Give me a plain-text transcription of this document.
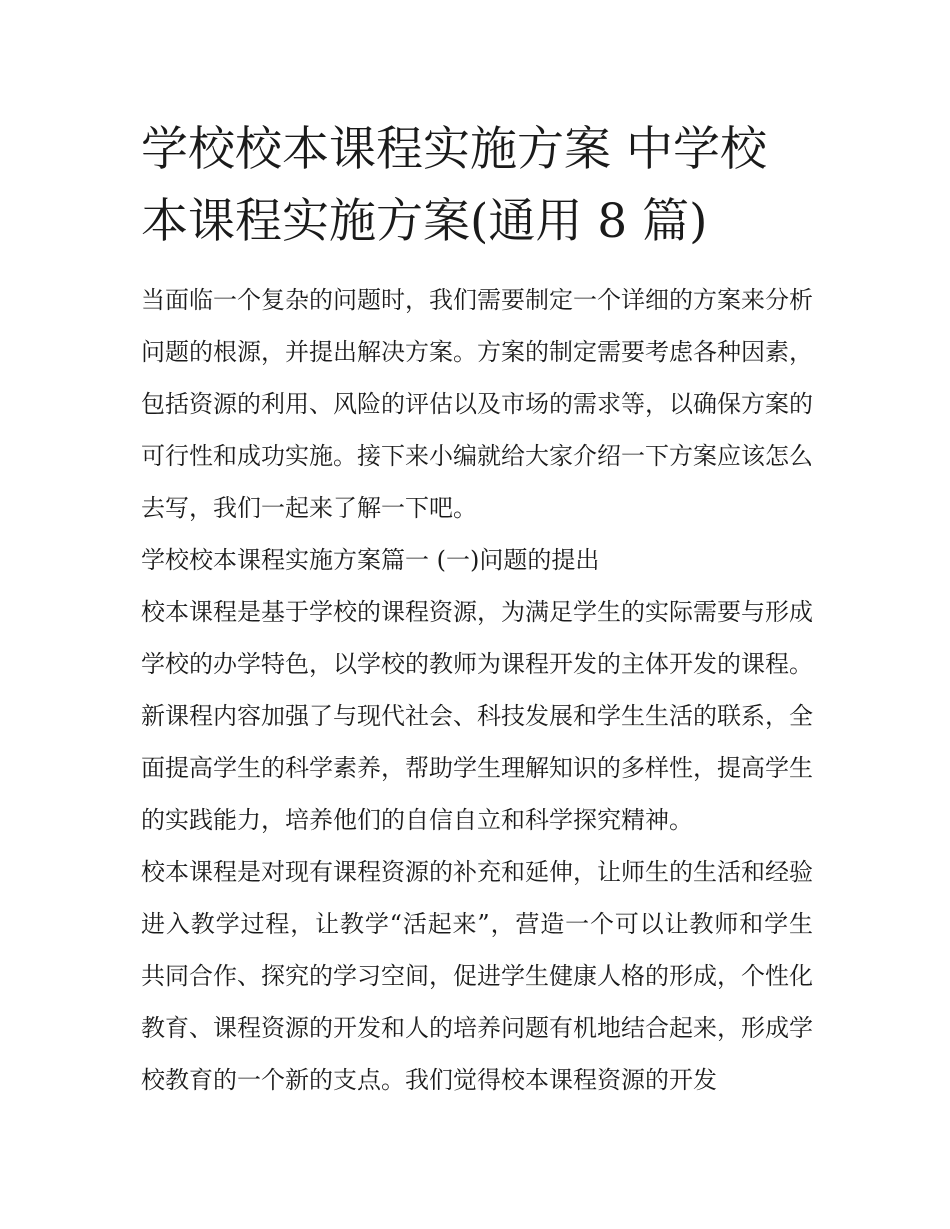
学校校本课程实施方案 中学校本课程实施方案(通用 8 篇)

当面临一个复杂的问题时，我们需要制定一个详细的方案来分析问题的根源，并提出解决方案。方案的制定需要考虑各种因素，包括资源的利用、风险的评估以及市场的需求等，以确保方案的可行性和成功实施。接下来小编就给大家介绍一下方案应该怎么去写，我们一起来了解一下吧。

学校校本课程实施方案篇一 (一)问题的提出

校本课程是基于学校的课程资源，为满足学生的实际需要与形成学校的办学特色，以学校的教师为课程开发的主体开发的课程。新课程内容加强了与现代社会、科技发展和学生生活的联系，全面提高学生的科学素养，帮助学生理解知识的多样性，提高学生的实践能力，培养他们的自信自立和科学探究精神。

校本课程是对现有课程资源的补充和延伸，让师生的生活和经验进入教学过程，让教学“活起来”，营造一个可以让教师和学生共同合作、探究的学习空间，促进学生健康人格的形成，个性化教育、课程资源的开发和人的培养问题有机地结合起来，形成学校教育的一个新的支点。我们觉得校本课程资源的开发
